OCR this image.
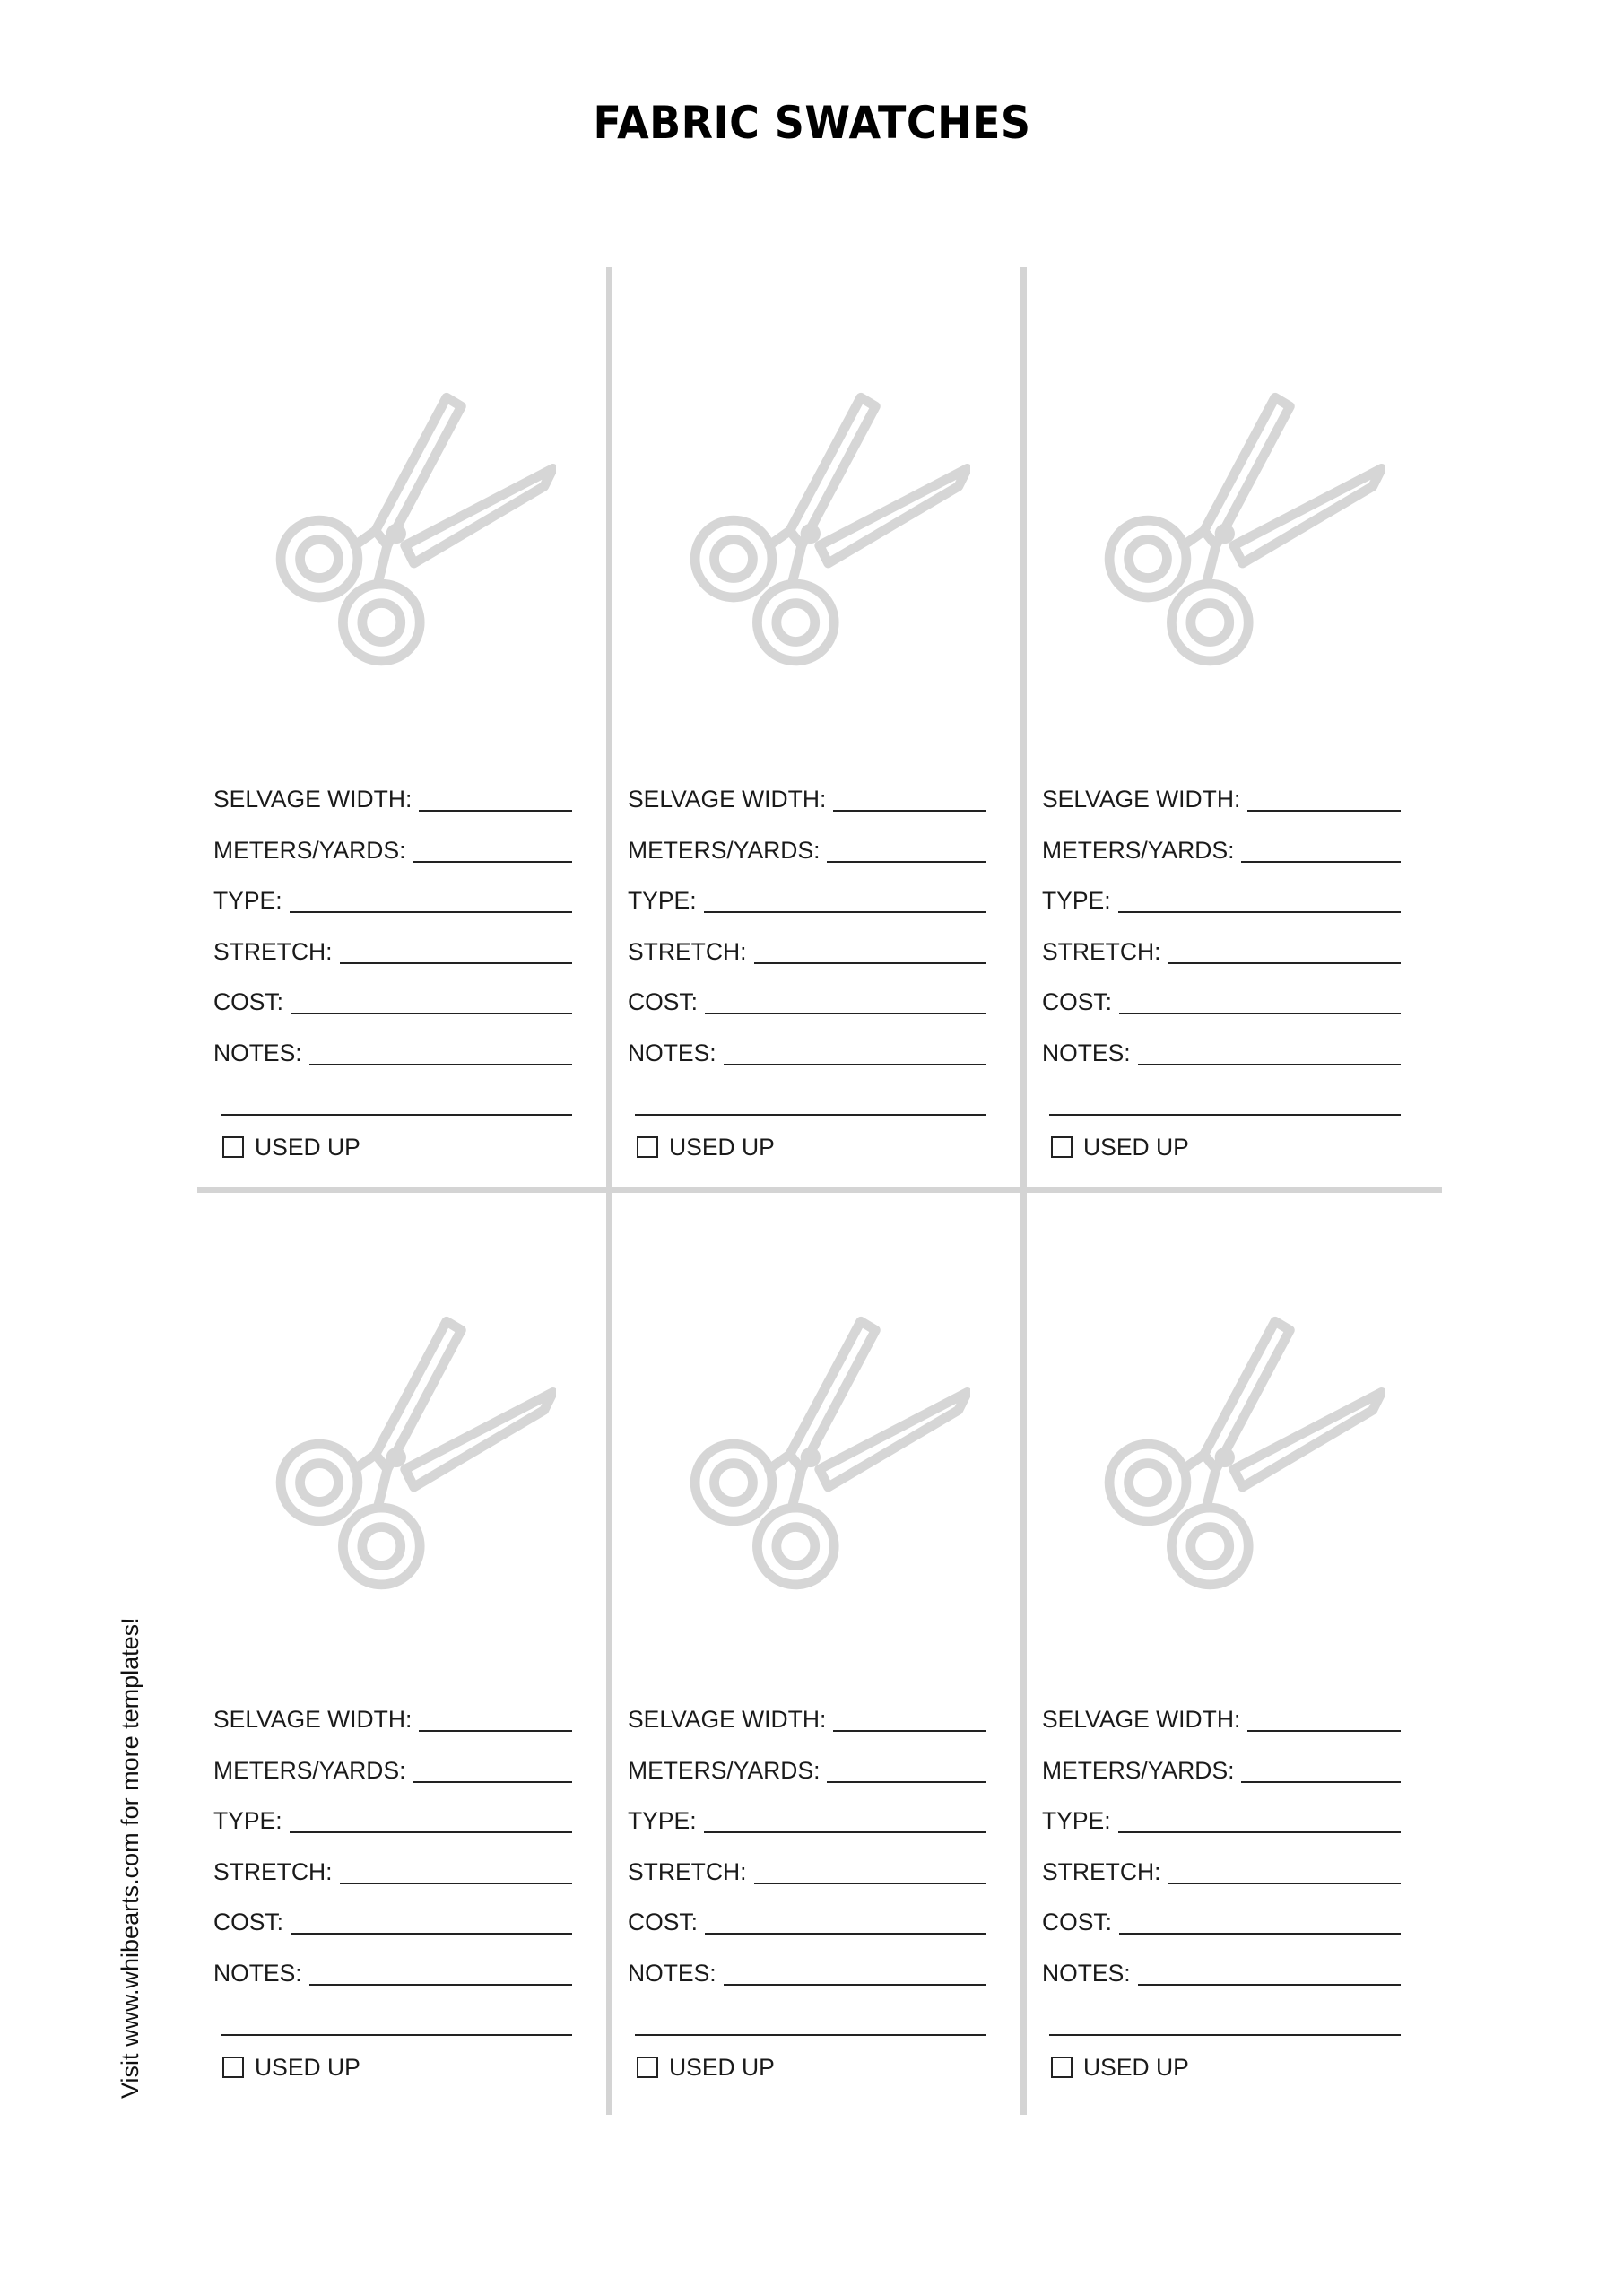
FABRIC SWATCHES
SELVAGE WIDTH:
METERS/YARDS:
TYPE:
STRETCH:
COST:
NOTES:
USED UP
SELVAGE WIDTH:
METERS/YARDS:
TYPE:
STRETCH:
COST:
NOTES:
USED UP
SELVAGE WIDTH:
METERS/YARDS:
TYPE:
STRETCH:
COST:
NOTES:
USED UP
SELVAGE WIDTH:
METERS/YARDS:
TYPE:
STRETCH:
COST:
NOTES:
USED UP
SELVAGE WIDTH:
METERS/YARDS:
TYPE:
STRETCH:
COST:
NOTES:
USED UP
SELVAGE WIDTH:
METERS/YARDS:
TYPE:
STRETCH:
COST:
NOTES:
USED UP
Visit www.whibearts.com for more templates!
